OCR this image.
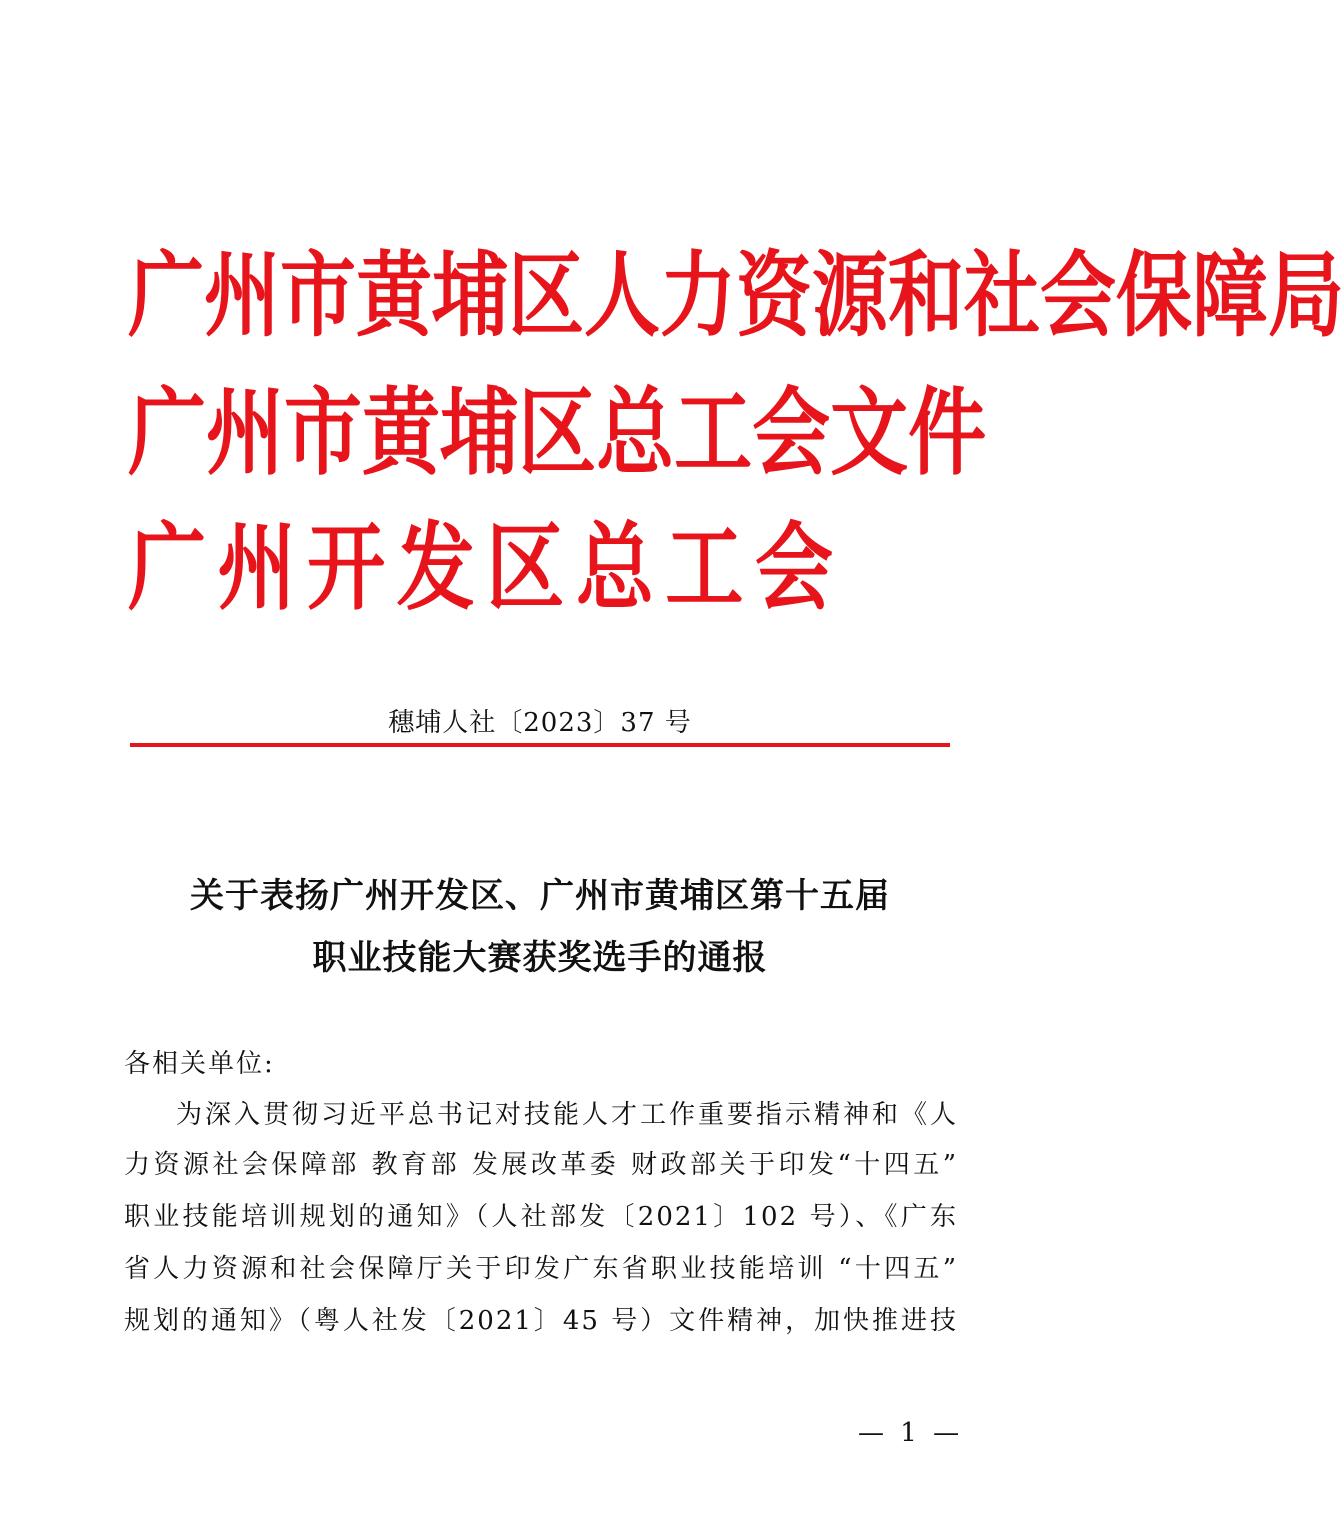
广 州 市 黄 埔 区 人 力 资 源 和 社 会 保 障 局
广 州 市 黄 埔 区 总 工 会 文 件
广 州 开 发 区 总 工 会
穗埔人社〔2023〕37 号
关于表扬广州开发区、广州市黄埔区第十五届
职业技能大赛获奖选手的通报
各相关单位:
为深入贯彻习近平总书记对技能人才工作重要指示精神和《人
力资源社会保障部 教育部 发展改革委 财政部关于印发“十四五”
职业技能培训规划的通知》（人社部发〔2021〕102 号）、《广东
省人力资源和社会保障厅关于印发广东省职业技能培训 “十四五”
规划的通知》（粤人社发〔2021〕45 号）文件精神，加快推进技
— 1 —
